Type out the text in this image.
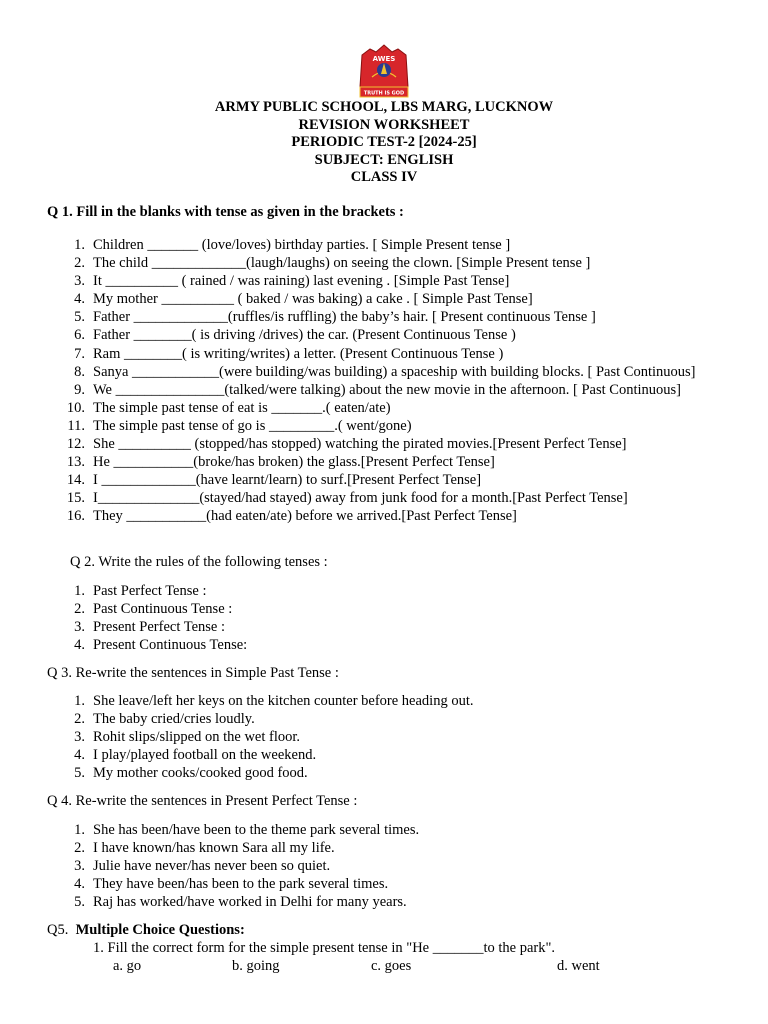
AWES
TRUTH IS GOD
ARMY PUBLIC SCHOOL, LBS MARG, LUCKNOW
REVISION WORKSHEET
PERIODIC TEST-2 [2024-25]
SUBJECT: ENGLISH
CLASS IV
Q 1. Fill in the blanks with tense as given in the brackets :
1. Children _______ (love/loves) birthday parties. [ Simple Present tense ]
2. The child _____________(laugh/laughs) on seeing the clown. [Simple Present tense ]
3. It __________ ( rained / was raining) last evening . [Simple Past Tense]
4. My mother __________ ( baked / was baking) a cake . [ Simple Past Tense]
5. Father _____________(ruffles/is ruffling) the baby’s hair. [ Present continuous Tense ]
6. Father ________( is driving /drives) the car. (Present Continuous Tense )
7. Ram ________( is writing/writes) a letter. (Present Continuous Tense )
8. Sanya ____________(were building/was building) a spaceship with building blocks. [ Past Continuous]
9. We _______________(talked/were talking) about the new movie in the afternoon. [ Past Continuous]
10. The simple past tense of eat is _______.( eaten/ate)
11. The simple past tense of go is _________.( went/gone)
12. She __________ (stopped/has stopped) watching the pirated movies.[Present Perfect Tense]
13. He ___________(broke/has broken) the glass.[Present Perfect Tense]
14. I _____________(have learnt/learn) to surf.[Present Perfect Tense]
15. I______________(stayed/had stayed) away from junk food for a month.[Past Perfect Tense]
16. They ___________(had eaten/ate) before we arrived.[Past Perfect Tense]
Q 2. Write the rules of the following tenses :
1. Past Perfect Tense :
2. Past Continuous Tense :
3. Present Perfect Tense :
4. Present Continuous Tense:
Q 3. Re-write the sentences in Simple Past Tense :
1. She leave/left her keys on the kitchen counter before heading out.
2. The baby cried/cries loudly.
3. Rohit slips/slipped on the wet floor.
4. I play/played football on the weekend.
5. My mother cooks/cooked good food.
Q 4. Re-write the sentences in Present Perfect Tense :
1. She has been/have been to the theme park several times.
2. I have known/has known Sara all my life.
3. Julie have never/has never been so quiet.
4. They have been/has been to the park several times.
5. Raj has worked/have worked in Delhi for many years.
Q5. Multiple Choice Questions:
1. Fill the correct form for the simple present tense in "He _______to the park".
a. go	b. going	c. goes	d. went
